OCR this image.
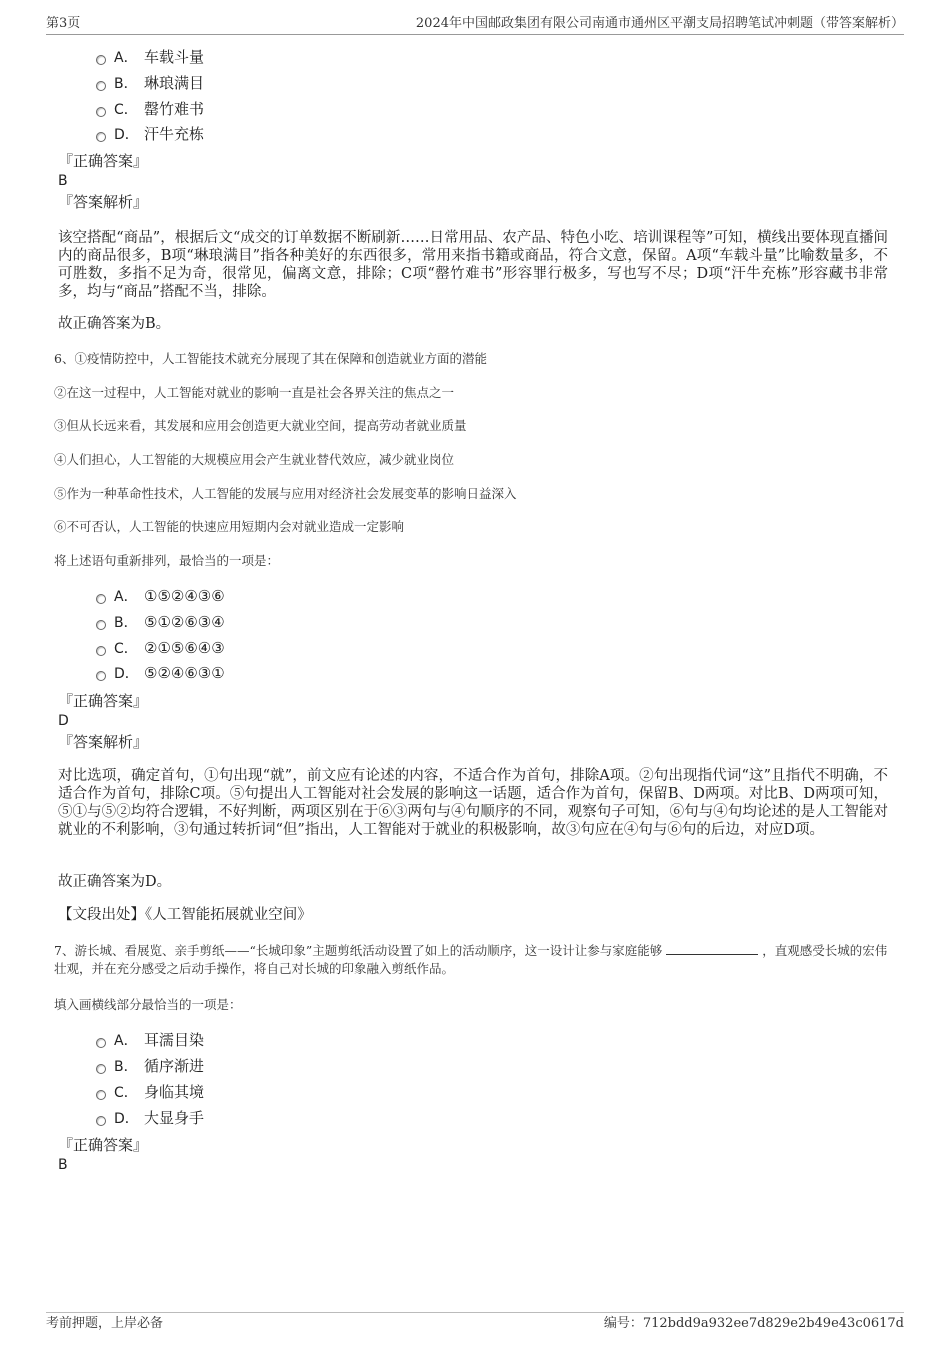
第3页	2024年中国邮政集团有限公司南通市通州区平潮支局招聘笔试冲刺题（带答案解析）
A． 车载斗量
B． 琳琅满目
C． 罄竹难书
D． 汗牛充栋
『正确答案』
B
『答案解析』
该空搭配“商品”，根据后文“成交的订单数据不断刷新……日常用品、农产品、特色小吃、培训课程等”可知，横线出要体现直播间内的商品很多，B项“琳琅满目”指各种美好的东西很多，常用来指书籍或商品，符合文意，保留。A项“车载斗量”比喻数量多，不可胜数，多指不足为奇，很常见，偏离文意，排除；C项“罄竹难书”形容罪行极多，写也写不尽；D项“汗牛充栋”形容藏书非常多，均与“商品”搭配不当，排除。
故正确答案为B。
6、①疫情防控中，人工智能技术就充分展现了其在保障和创造就业方面的潜能
②在这一过程中，人工智能对就业的影响一直是社会各界关注的焦点之一
③但从长远来看，其发展和应用会创造更大就业空间，提高劳动者就业质量
④人们担心，人工智能的大规模应用会产生就业替代效应，减少就业岗位
⑤作为一种革命性技术，人工智能的发展与应用对经济社会发展变革的影响日益深入
⑥不可否认，人工智能的快速应用短期内会对就业造成一定影响
将上述语句重新排列，最恰当的一项是：
A． ①⑤②④③⑥
B． ⑤①②⑥③④
C． ②①⑤⑥④③
D． ⑤②④⑥③①
『正确答案』
D
『答案解析』
对比选项，确定首句，①句出现“就”，前文应有论述的内容，不适合作为首句，排除A项。②句出现指代词“这”且指代不明确，不适合作为首句，排除C项。⑤句提出人工智能对社会发展的影响这一话题，适合作为首句，保留B、D两项。对比B、D两项可知，⑤①与⑤②均符合逻辑，不好判断，两项区别在于⑥③两句与④句顺序的不同，观察句子可知，⑥句与④句均论述的是人工智能对就业的不利影响，③句通过转折词“但”指出，人工智能对于就业的积极影响，故③句应在④句与⑥句的后边，对应D项。
故正确答案为D。
【文段出处】《人工智能拓展就业空间》
7、游长城、看展览、亲手剪纸——“长城印象”主题剪纸活动设置了如上的活动顺序，这一设计让参与家庭能够	，直观感受长城的宏伟壮观，并在充分感受之后动手操作，将自己对长城的印象融入剪纸作品。
填入画横线部分最恰当的一项是：
A． 耳濡目染
B． 循序渐进
C． 身临其境
D． 大显身手
『正确答案』
B
考前押题，上岸必备	编号：712bdd9a932ee7d829e2b49e43c0617d
